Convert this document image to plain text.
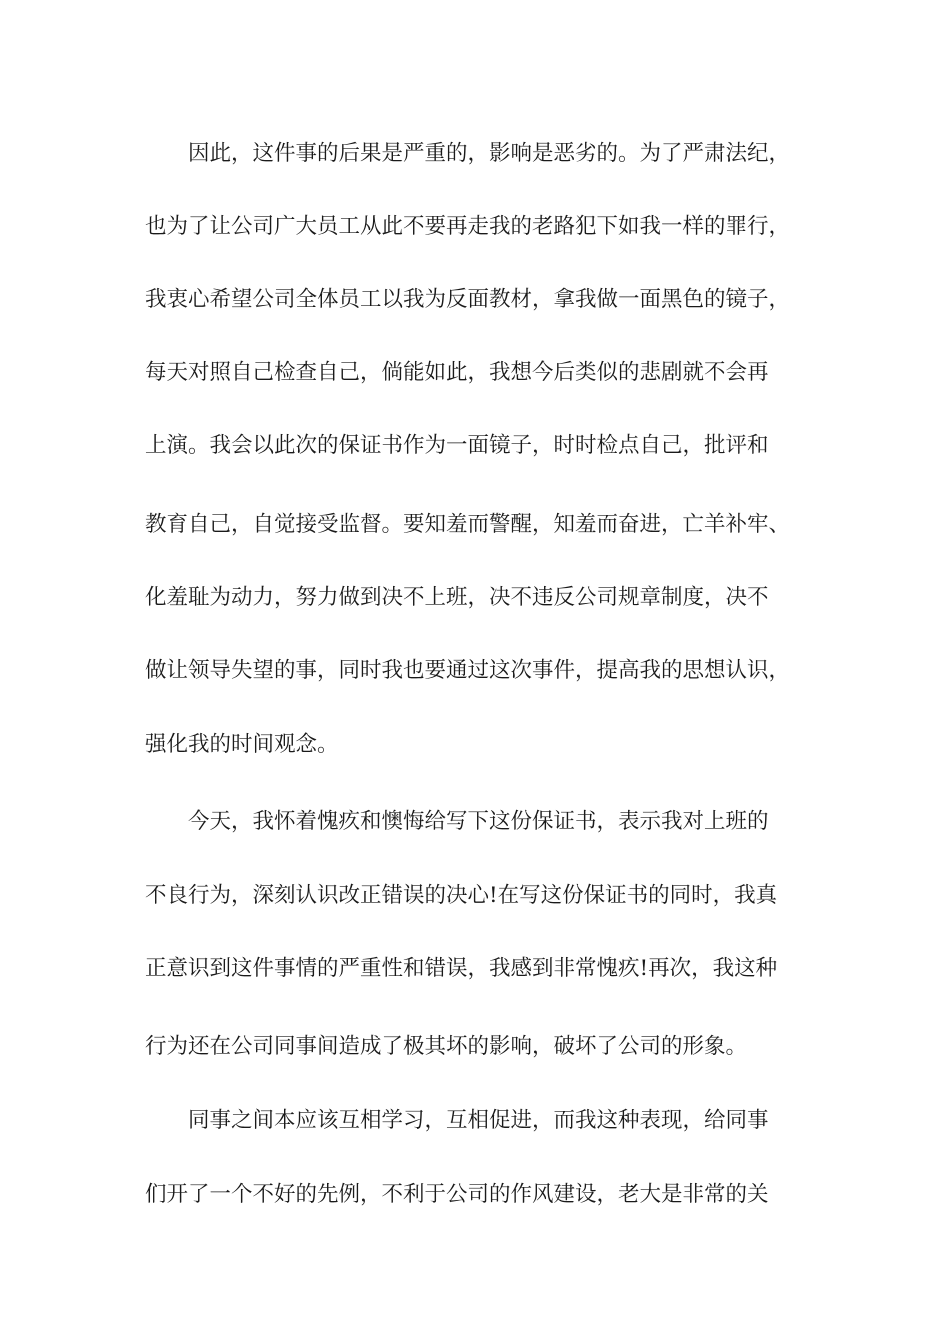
　　因此，这件事的后果是严重的，影响是恶劣的。为了严肃法纪，
也为了让公司广大员工从此不要再走我的老路犯下如我一样的罪行，
我衷心希望公司全体员工以我为反面教材，拿我做一面黑色的镜子，
每天对照自己检查自己，倘能如此，我想今后类似的悲剧就不会再
上演。我会以此次的保证书作为一面镜子，时时检点自己，批评和
教育自己，自觉接受监督。要知羞而警醒，知羞而奋进，亡羊补牢、
化羞耻为动力，努力做到决不上班，决不违反公司规章制度，决不
做让领导失望的事，同时我也要通过这次事件，提高我的思想认识，
强化我的时间观念。
　　今天，我怀着愧疚和懊悔给写下这份保证书，表示我对上班的
不良行为，深刻认识改正错误的决心!在写这份保证书的同时，我真
正意识到这件事情的严重性和错误，我感到非常愧疚!再次，我这种
行为还在公司同事间造成了极其坏的影响，破坏了公司的形象。
　　同事之间本应该互相学习，互相促进，而我这种表现，给同事
们开了一个不好的先例，不利于公司的作风建设，老大是非常的关
